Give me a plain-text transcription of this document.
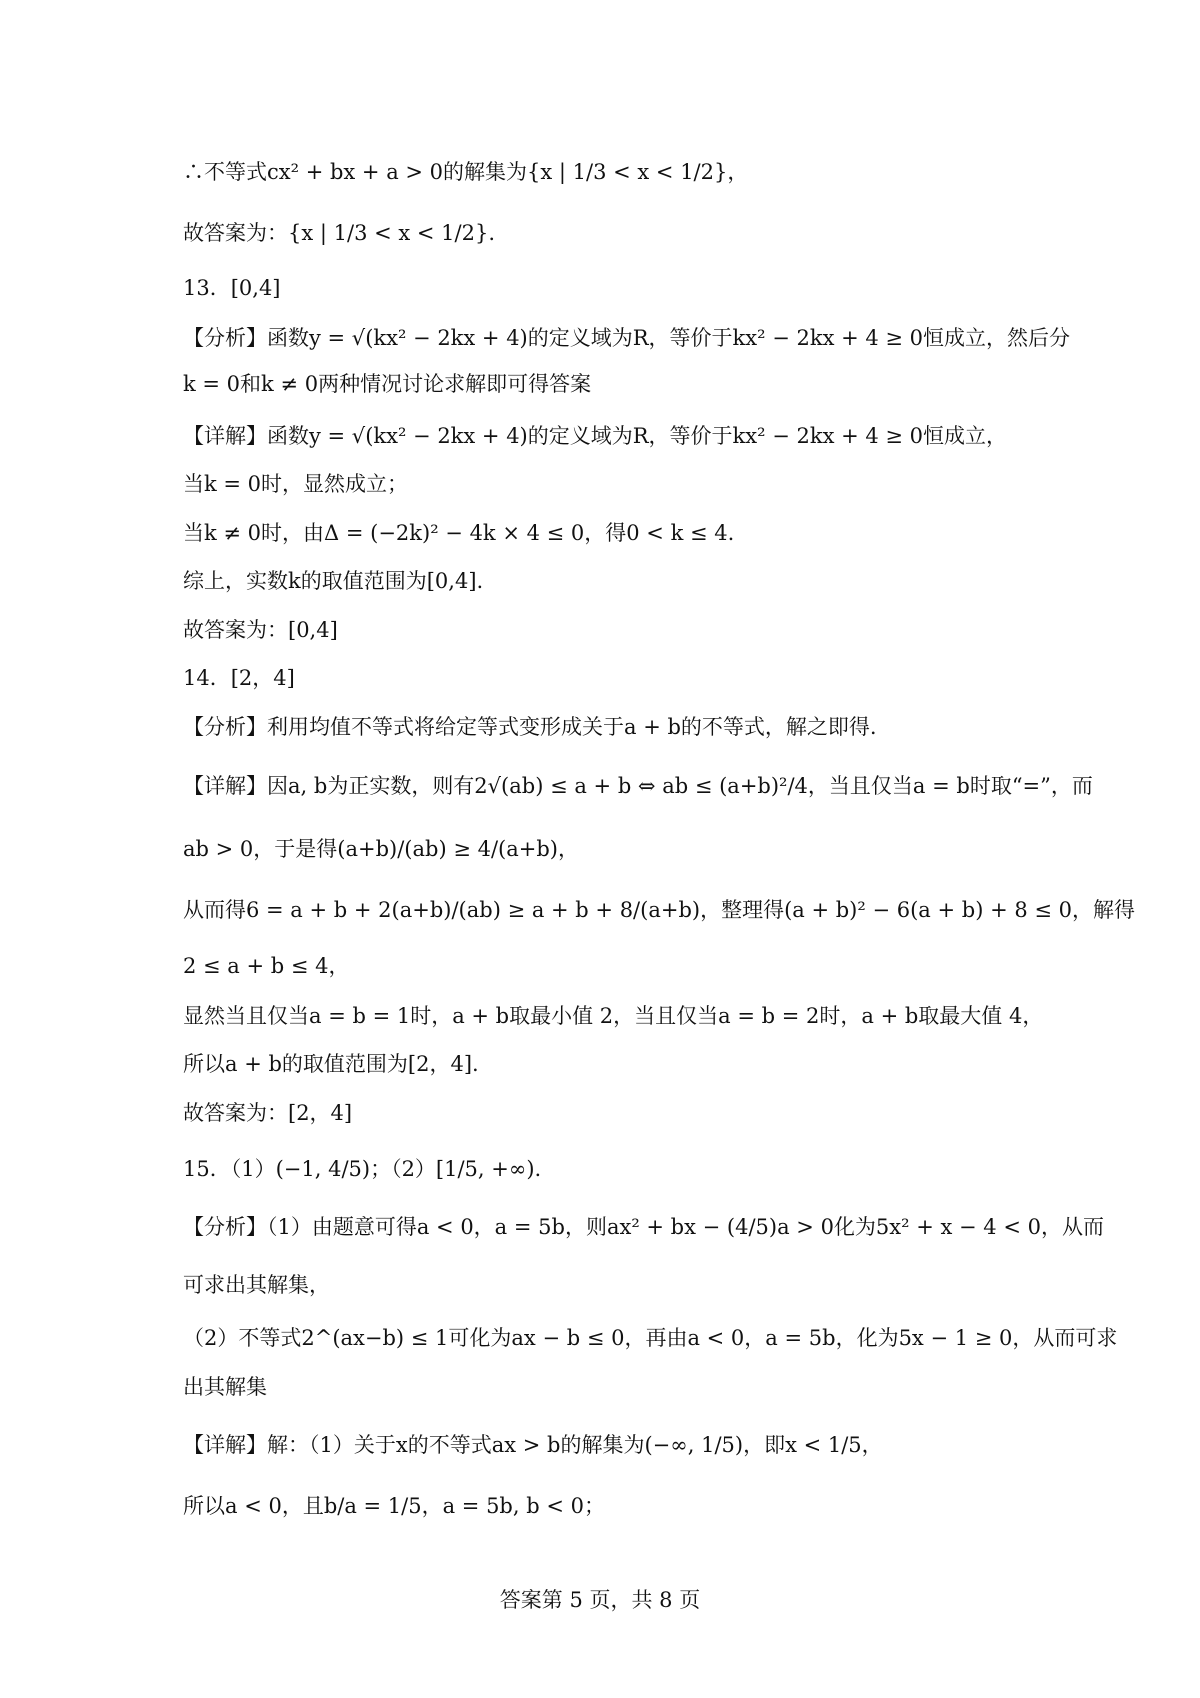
∴不等式cx² + bx + a > 0的解集为{x | 1/3 < x < 1/2}，
故答案为：{x | 1/3 < x < 1/2}.
13．[0,4]
【分析】函数y = √(kx² − 2kx + 4)的定义域为R，等价于kx² − 2kx + 4 ≥ 0恒成立，然后分
k = 0和k ≠ 0两种情况讨论求解即可得答案
【详解】函数y = √(kx² − 2kx + 4)的定义域为R，等价于kx² − 2kx + 4 ≥ 0恒成立，
当k = 0时，显然成立；
当k ≠ 0时，由Δ = (−2k)² − 4k × 4 ≤ 0，得0 < k ≤ 4.
综上，实数k的取值范围为[0,4].
故答案为：[0,4]
14．[2，4]
【分析】利用均值不等式将给定等式变形成关于a + b的不等式，解之即得.
【详解】因a, b为正实数，则有2√(ab) ≤ a + b ⇔ ab ≤ (a+b)²/4，当且仅当a = b时取“=”，而
ab > 0，于是得(a+b)/(ab) ≥ 4/(a+b)，
从而得6 = a + b + 2(a+b)/(ab) ≥ a + b + 8/(a+b)，整理得(a + b)² − 6(a + b) + 8 ≤ 0，解得
2 ≤ a + b ≤ 4，
显然当且仅当a = b = 1时，a + b取最小值 2，当且仅当a = b = 2时，a + b取最大值 4，
所以a + b的取值范围为[2，4].
故答案为：[2，4]
15．（1）(−1, 4/5)；（2）[1/5, +∞).
【分析】（1）由题意可得a < 0，a = 5b，则ax² + bx − (4/5)a > 0化为5x² + x − 4 < 0，从而
可求出其解集，
（2）不等式2^(ax−b) ≤ 1可化为ax − b ≤ 0，再由a < 0，a = 5b，化为5x − 1 ≥ 0，从而可求
出其解集
【详解】解：（1）关于x的不等式ax > b的解集为(−∞, 1/5)，即x < 1/5，
所以a < 0，且b/a = 1/5，a = 5b, b < 0；
答案第 5 页，共 8 页
